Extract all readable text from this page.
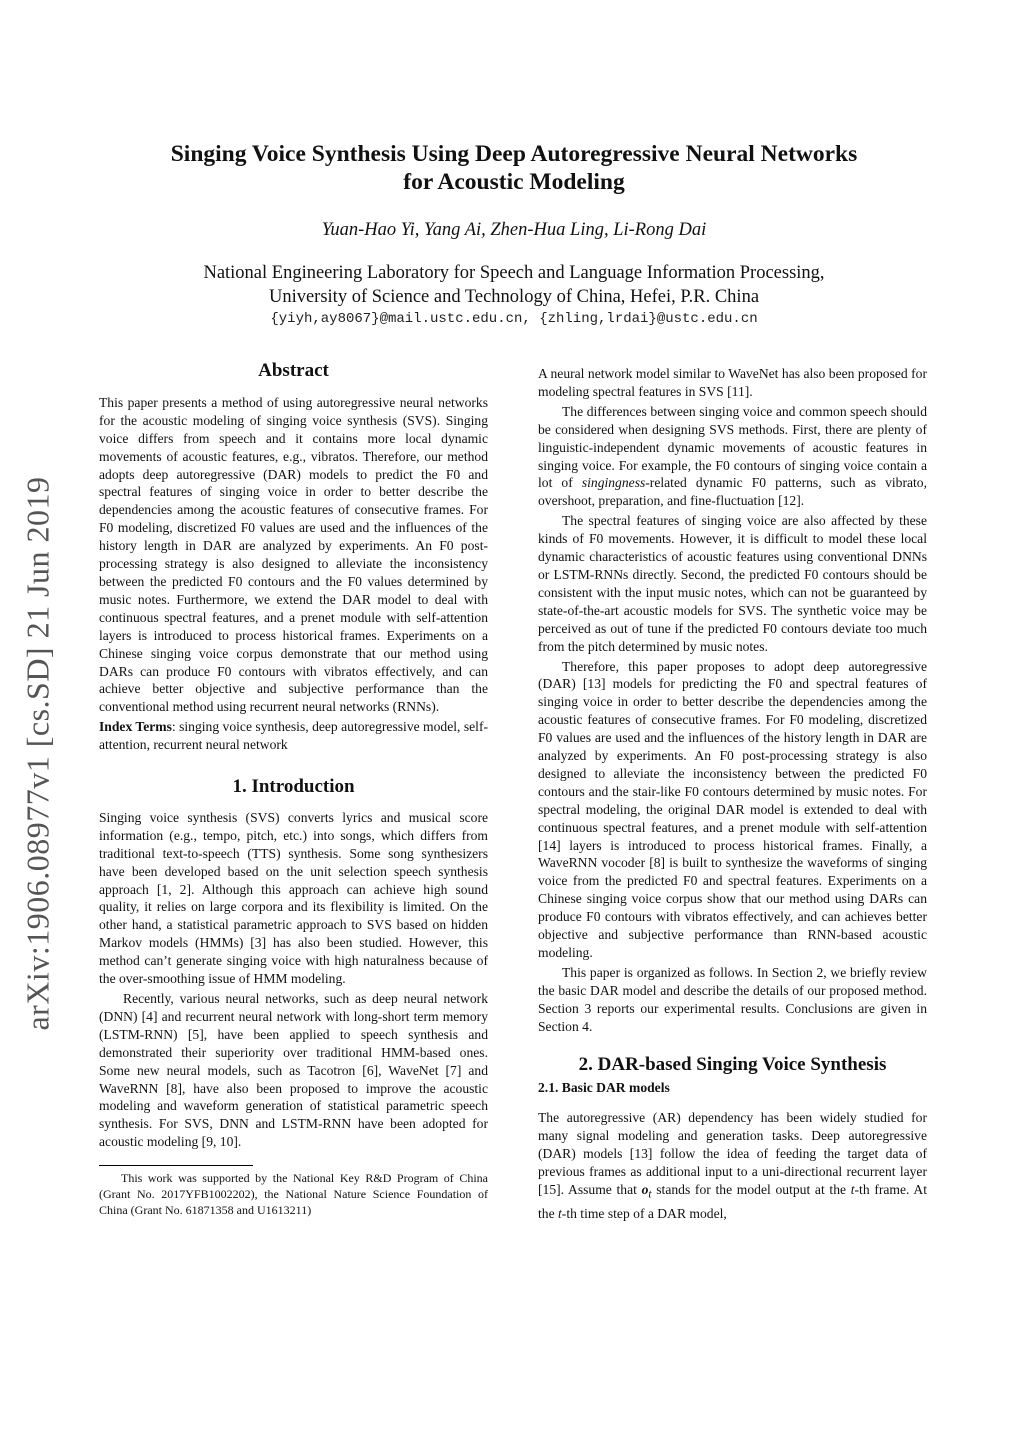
arXiv:1906.08977v1 [cs.SD] 21 Jun 2019
Singing Voice Synthesis Using Deep Autoregressive Neural Networks
for Acoustic Modeling
Yuan-Hao Yi, Yang Ai, Zhen-Hua Ling, Li-Rong Dai
National Engineering Laboratory for Speech and Language Information Processing,
University of Science and Technology of China, Hefei, P.R. China
{yiyh,ay8067}@mail.ustc.edu.cn, {zhling,lrdai}@ustc.edu.cn
Abstract

This paper presents a method of using autoregressive neural networks for the acoustic modeling of singing voice synthesis (SVS). Singing voice differs from speech and it contains more local dynamic movements of acoustic features, e.g., vibratos. Therefore, our method adopts deep autoregressive (DAR) models to predict the F0 and spectral features of singing voice in order to better describe the dependencies among the acoustic features of consecutive frames. For F0 modeling, discretized F0 values are used and the influences of the history length in DAR are analyzed by experiments. An F0 post-processing strategy is also designed to alleviate the inconsistency between the predicted F0 contours and the F0 values determined by music notes. Furthermore, we extend the DAR model to deal with continuous spectral features, and a prenet module with self-attention layers is introduced to process historical frames. Experiments on a Chinese singing voice corpus demonstrate that our method using DARs can produce F0 contours with vibratos effectively, and can achieve better objective and subjective performance than the conventional method using recurrent neural networks (RNNs).

Index Terms: singing voice synthesis, deep autoregressive model, self-attention, recurrent neural network

1. Introduction

Singing voice synthesis (SVS) converts lyrics and musical score information (e.g., tempo, pitch, etc.) into songs, which differs from traditional text-to-speech (TTS) synthesis. Some song synthesizers have been developed based on the unit selection speech synthesis approach [1, 2]. Although this approach can achieve high sound quality, it relies on large corpora and its flexibility is limited. On the other hand, a statistical parametric approach to SVS based on hidden Markov models (HMMs) [3] has also been studied. However, this method can’t generate singing voice with high naturalness because of the over-smoothing issue of HMM modeling.

Recently, various neural networks, such as deep neural network (DNN) [4] and recurrent neural network with long-short term memory (LSTM-RNN) [5], have been applied to speech synthesis and demonstrated their superiority over traditional HMM-based ones. Some new neural models, such as Tacotron [6], WaveNet [7] and WaveRNN [8], have also been proposed to improve the acoustic modeling and waveform generation of statistical parametric speech synthesis. For SVS, DNN and LSTM-RNN have been adopted for acoustic modeling [9, 10].

This work was supported by the National Key R&D Program of China (Grant No. 2017YFB1002202), the National Nature Science Foundation of China (Grant No. 61871358 and U1613211)

A neural network model similar to WaveNet has also been proposed for modeling spectral features in SVS [11].

The differences between singing voice and common speech should be considered when designing SVS methods. First, there are plenty of linguistic-independent dynamic movements of acoustic features in singing voice. For example, the F0 contours of singing voice contain a lot of singingness-related dynamic F0 patterns, such as vibrato, overshoot, preparation, and fine-fluctuation [12].

The spectral features of singing voice are also affected by these kinds of F0 movements. However, it is difficult to model these local dynamic characteristics of acoustic features using conventional DNNs or LSTM-RNNs directly. Second, the predicted F0 contours should be consistent with the input music notes, which can not be guaranteed by state-of-the-art acoustic models for SVS. The synthetic voice may be perceived as out of tune if the predicted F0 contours deviate too much from the pitch determined by music notes.

Therefore, this paper proposes to adopt deep autoregressive (DAR) [13] models for predicting the F0 and spectral features of singing voice in order to better describe the dependencies among the acoustic features of consecutive frames. For F0 modeling, discretized F0 values are used and the influences of the history length in DAR are analyzed by experiments. An F0 post-processing strategy is also designed to alleviate the inconsistency between the predicted F0 contours and the stair-like F0 contours determined by music notes. For spectral modeling, the original DAR model is extended to deal with continuous spectral features, and a prenet module with self-attention [14] layers is introduced to process historical frames. Finally, a WaveRNN vocoder [8] is built to synthesize the waveforms of singing voice from the predicted F0 and spectral features. Experiments on a Chinese singing voice corpus show that our method using DARs can produce F0 contours with vibratos effectively, and can achieves better objective and subjective performance than RNN-based acoustic modeling.

This paper is organized as follows. In Section 2, we briefly review the basic DAR model and describe the details of our proposed method. Section 3 reports our experimental results. Conclusions are given in Section 4.

2. DAR-based Singing Voice Synthesis
2.1. Basic DAR models

The autoregressive (AR) dependency has been widely studied for many signal modeling and generation tasks. Deep autoregressive (DAR) models [13] follow the idea of feeding the target data of previous frames as additional input to a uni-directional recurrent layer [15]. Assume that $o_t$ stands for the model output at the t-th frame. At the t-th time step of a DAR model,
